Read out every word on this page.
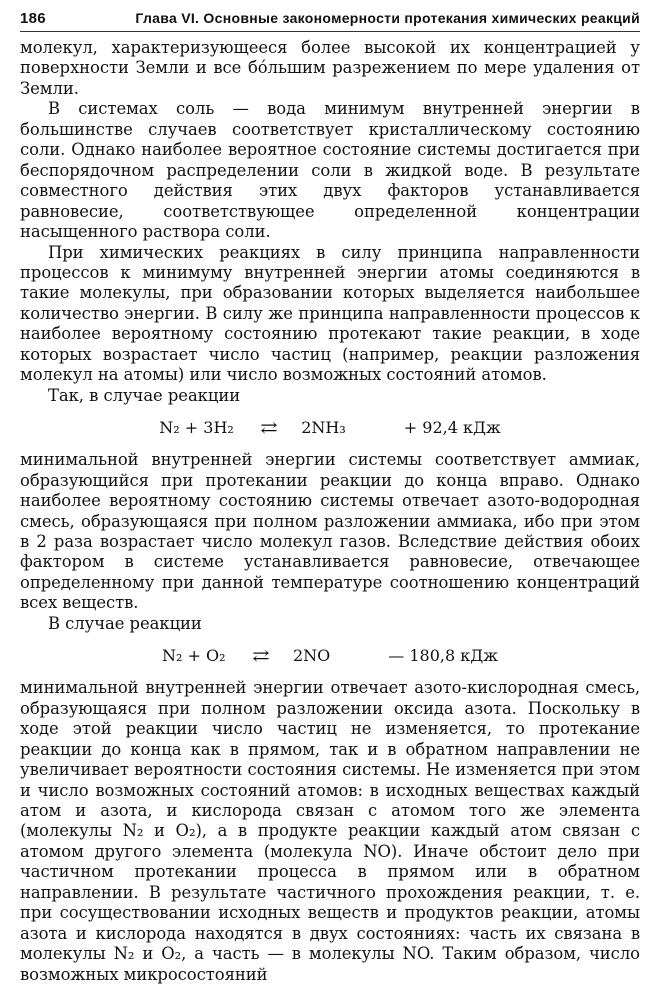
186	Глава VI. Основные закономерности протекания химических реакций

молекул, характеризующееся более высокой их концентрацией у поверхности Земли и все бо́льшим разрежением по мере удаления от Земли.

В системах соль — вода минимум внутренней энергии в большинстве случаев соответствует кристаллическому состоянию соли. Однако наиболее вероятное состояние системы достигается при беспорядочном распределении соли в жидкой воде. В результате совместного действия этих двух факторов устанавливается равновесие, соответствующее определенной концентрации насыщенного раствора соли.

При химических реакциях в силу принципа направленности процессов к минимуму внутренней энергии атомы соединяются в такие молекулы, при образовании которых выделяется наибольшее количество энергии. В силу же принципа направленности процессов к наиболее вероятному состоянию протекают такие реакции, в ходе которых возрастает число частиц (например, реакции разложения молекул на атомы) или число возможных состояний атомов.

Так, в случае реакции

N₂ + 3H₂ ⇄ 2NH₃	+ 92,4 кДж

минимальной внутренней энергии системы соответствует аммиак, образующийся при протекании реакции до конца вправо. Однако наиболее вероятному состоянию системы отвечает азото-водородная смесь, образующаяся при полном разложении аммиака, ибо при этом в 2 раза возрастает число молекул газов. Вследствие действия обоих фактором в системе устанавливается равновесие, отвечающее определенному при данной температуре соотношению концентраций всех веществ.

В случае реакции

N₂ + O₂ ⇄ 2NO	— 180,8 кДж

минимальной внутренней энергии отвечает азото-кислородная смесь, образующаяся при полном разложении оксида азота. Поскольку в ходе этой реакции число частиц не изменяется, то протекание реакции до конца как в прямом, так и в обратном направлении не увеличивает вероятности состояния системы. Не изменяется при этом и число возможных состояний атомов: в исходных веществах каждый атом и азота, и кислорода связан с атомом того же элемента (молекулы N₂ и O₂), а в продукте реакции каждый атом связан с атомом другого элемента (молекула NO). Иначе обстоит дело при частичном протекании процесса в прямом или в обратном направлении. В результате частичного прохождения реакции, т. е. при сосуществовании исходных веществ и продуктов реакции, атомы азота и кислорода находятся в двух состояниях: часть их связана в молекулы N₂ и O₂, а часть — в молекулы NO. Таким образом, число возможных микросостояний
